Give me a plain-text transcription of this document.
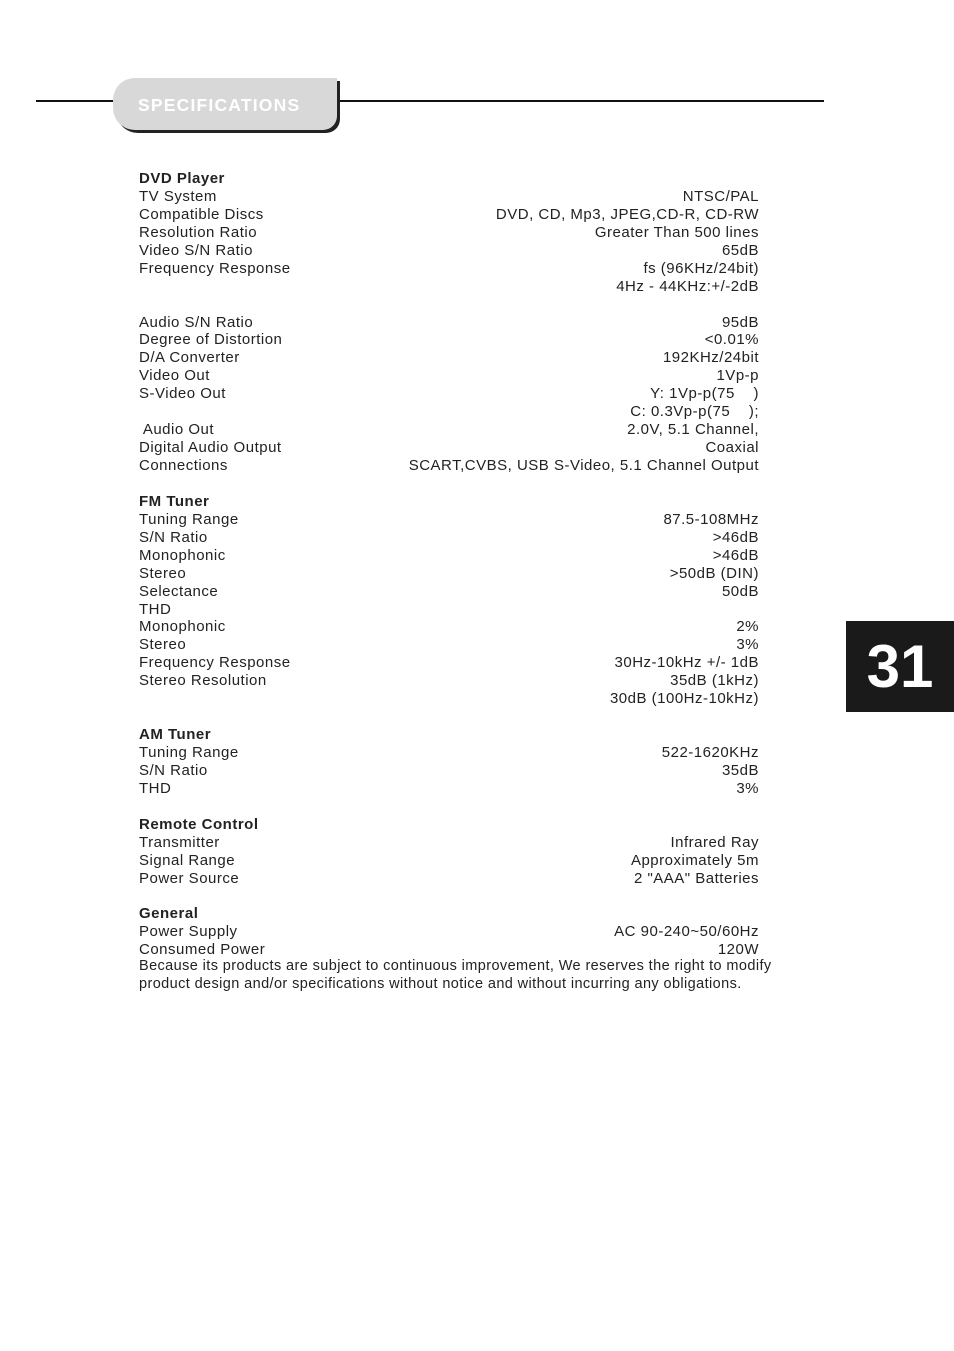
SPECIFICATIONS
DVD Player
TV System	NTSC/PAL
Compatible Discs	DVD, CD, Mp3, JPEG,CD-R, CD-RW
Resolution Ratio	Greater Than 500 lines
Video S/N Ratio	65dB
Frequency Response	fs (96KHz/24bit)
4Hz - 44KHz:+/-2dB
Audio S/N Ratio	95dB
Degree of Distortion	<0.01%
D/A Converter	192KHz/24bit
Video Out	1Vp-p
S-Video Out	Y: 1Vp-p(75    )
C: 0.3Vp-p(75    );
Audio Out	2.0V, 5.1 Channel,
Digital Audio Output	Coaxial
Connections	SCART,CVBS, USB S-Video, 5.1 Channel Output
FM Tuner
Tuning Range	87.5-108MHz
S/N Ratio	>46dB
Monophonic	>46dB
Stereo	>50dB (DIN)
Selectance	50dB
THD
Monophonic	2%
Stereo	3%
Frequency Response	30Hz-10kHz +/- 1dB
Stereo Resolution	35dB (1kHz)
30dB (100Hz-10kHz)
AM Tuner
Tuning Range	522-1620KHz
S/N Ratio	35dB
THD	3%
Remote Control
Transmitter	Infrared Ray
Signal Range	Approximately 5m
Power Source	2 "AAA" Batteries
General
Power Supply	AC 90-240~50/60Hz
Consumed Power	120W
Because its products are subject to continuous improvement, We reserves the right to modify product design and/or specifications without notice and without incurring any obligations.
31
